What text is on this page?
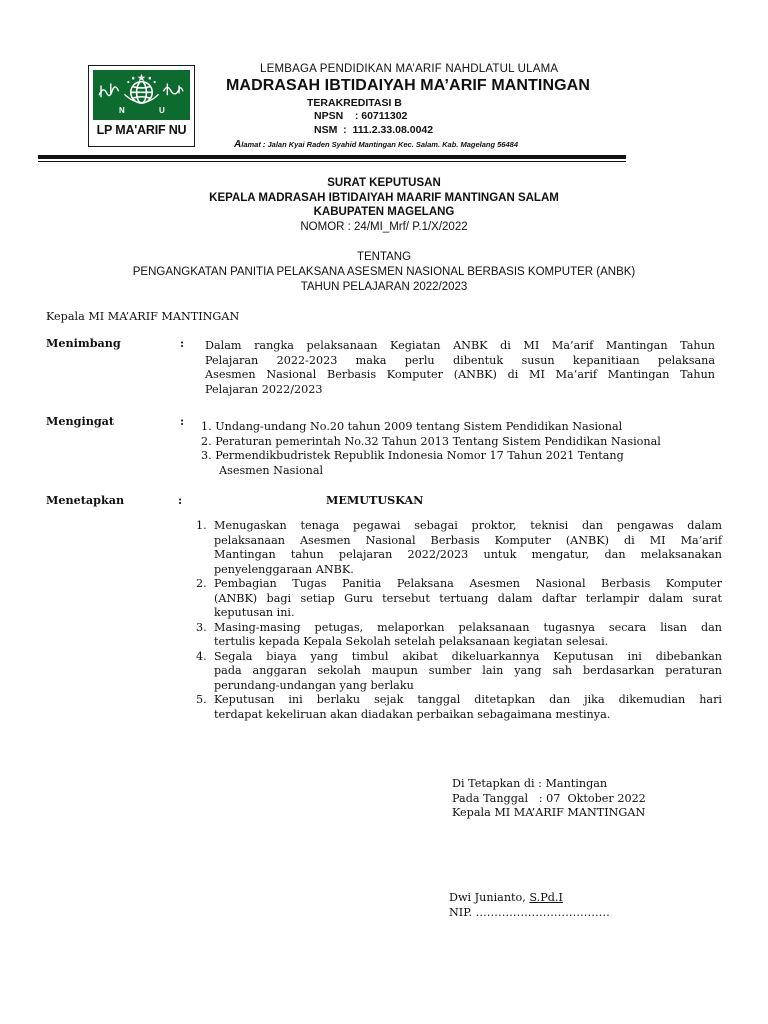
N	U
LP MA'ARIF NU
LEMBAGA PENDIDIKAN MA’ARIF NAHDLATUL ULAMA
MADRASAH IBTIDAIYAH MA’ARIF MANTINGAN
TERAKREDITASI B
NPSN    : 60711302
NSM  :  111.2.33.08.0042
Alamat : Jalan Kyai Raden Syahid Mantingan Kec. Salam. Kab. Magelang 56484
SURAT KEPUTUSAN
KEPALA MADRASAH IBTIDAIYAH MAARIF MANTINGAN SALAM
KABUPATEN MAGELANG
NOMOR : 24/MI_Mrf/ P.1/X/2022
TENTANG
PENGANGKATAN PANITIA PELAKSANA ASESMEN NASIONAL BERBASIS KOMPUTER (ANBK)
TAHUN PELAJARAN 2022/2023
Kepala MI MA’ARIF MANTINGAN
Menimbang	: Dalam rangka pelaksanaan Kegiatan ANBK di MI Ma’arif Mantingan Tahun
Pelajaran 2022-2023 maka perlu dibentuk susun kepanitiaan pelaksana
Asesmen Nasional Berbasis Komputer (ANBK) di MI Ma’arif Mantingan Tahun
Pelajaran 2022/2023
Mengingat	: 1. Undang-undang No.20 tahun 2009 tentang Sistem Pendidikan Nasional
2. Peraturan pemerintah No.32 Tahun 2013 Tentang Sistem Pendidikan Nasional
3. Permendikbudristek Republik Indonesia Nomor 17 Tahun 2021 Tentang
Asesmen Nasional
Menetapkan	:	MEMUTUSKAN
1. Menugaskan tenaga pegawai sebagai proktor, teknisi dan pengawas dalam
pelaksanaan Asesmen Nasional Berbasis Komputer (ANBK) di MI Ma’arif
Mantingan tahun pelajaran 2022/2023 untuk mengatur, dan melaksanakan
penyelenggaraan ANBK.
2. Pembagian Tugas Panitia Pelaksana Asesmen Nasional Berbasis Komputer
(ANBK) bagi setiap Guru tersebut tertuang dalam daftar terlampir dalam surat
keputusan ini.
3. Masing-masing petugas, melaporkan pelaksanaan tugasnya secara lisan dan
tertulis kepada Kepala Sekolah setelah pelaksanaan kegiatan selesai.
4. Segala biaya yang timbul akibat dikeluarkannya Keputusan ini dibebankan
pada anggaran sekolah maupun sumber lain yang sah berdasarkan peraturan
perundang-undangan yang berlaku
5. Keputusan ini berlaku sejak tanggal ditetapkan dan jika dikemudian hari
terdapat kekeliruan akan diadakan perbaikan sebagaimana mestinya.
Di Tetapkan di : Mantingan
Pada Tanggal   : 07  Oktober 2022
Kepala MI MA’ARIF MANTINGAN
Dwi Junianto, S.Pd.I
NIP. ………………………………
